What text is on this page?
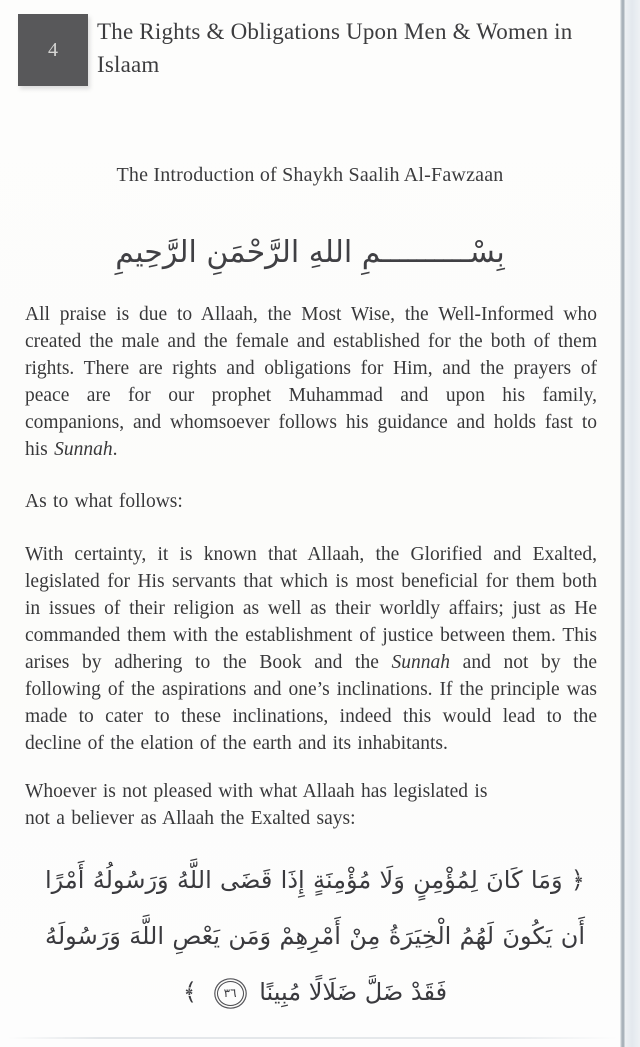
4
The Rights & Obligations Upon Men & Women in Islaam
The Introduction of Shaykh Saalih Al-Fawzaan
بِسْــــــــــمِ اللهِ الرَّحْمَنِ الرَّحِيمِ

All praise is due to Allaah, the Most Wise, the Well-Informed who created the male and the female and established for the both of them rights. There are rights and obligations for Him, and the prayers of peace are for our prophet Muhammad and upon his family, companions, and whomsoever follows his guidance and holds fast to his Sunnah.

As to what follows:

With certainty, it is known that Allaah, the Glorified and Exalted, legislated for His servants that which is most beneficial for them both in issues of their religion as well as their worldly affairs; just as He commanded them with the establishment of justice between them. This arises by adhering to the Book and the Sunnah and not by the following of the aspirations and one’s inclinations. If the principle was made to cater to these inclinations, indeed this would lead to the decline of the elation of the earth and its inhabitants.

Whoever is not pleased with what Allaah has legislated is not a believer as Allaah the Exalted says:

﴿ وَمَا كَانَ لِمُؤْمِنٍ وَلَا مُؤْمِنَةٍ إِذَا قَضَى اللَّهُ وَرَسُولُهُ أَمْرًا أَن يَكُونَ لَهُمُ الْخِيَرَةُ مِنْ أَمْرِهِمْ وَمَن يَعْصِ اللَّهَ وَرَسُولَهُ فَقَدْ ضَلَّ ضَلَالًا مُبِينًا
٣٦
﴾
